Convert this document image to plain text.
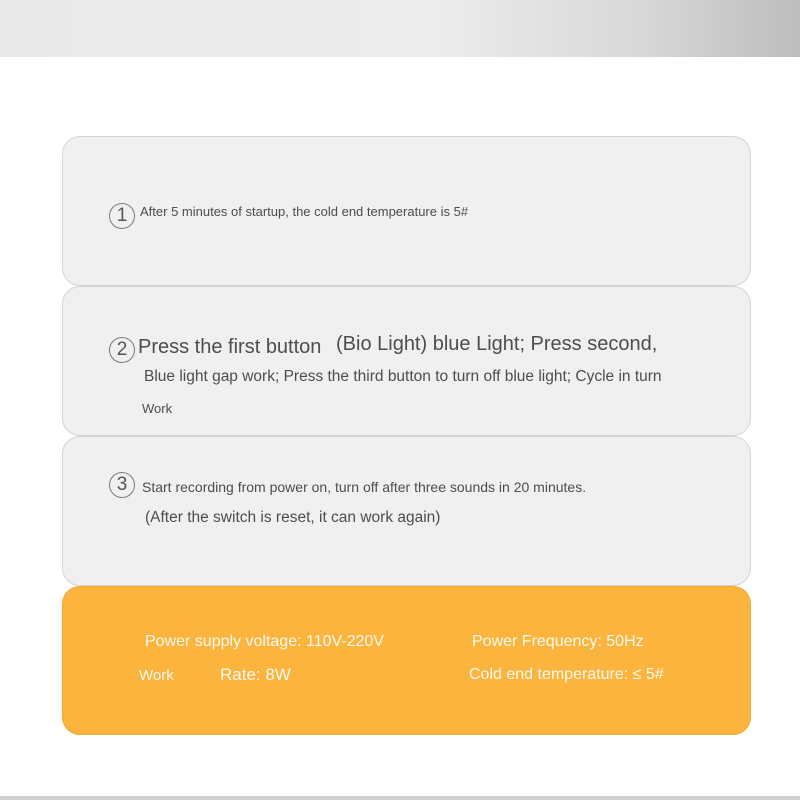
1 After 5 minutes of startup, the cold end temperature is 5#
2 Press the first button (Bio Light) blue Light; Press second,
Blue light gap work; Press the third button to turn off blue light; Cycle in turn
Work
3	Start recording from power on, turn off after three sounds in 20 minutes.
(After the switch is reset, it can work again)
Power supply voltage: 110V-220V	Power Frequency: 50Hz
Work	Rate: 8W	Cold end temperature: ≤ 5#
